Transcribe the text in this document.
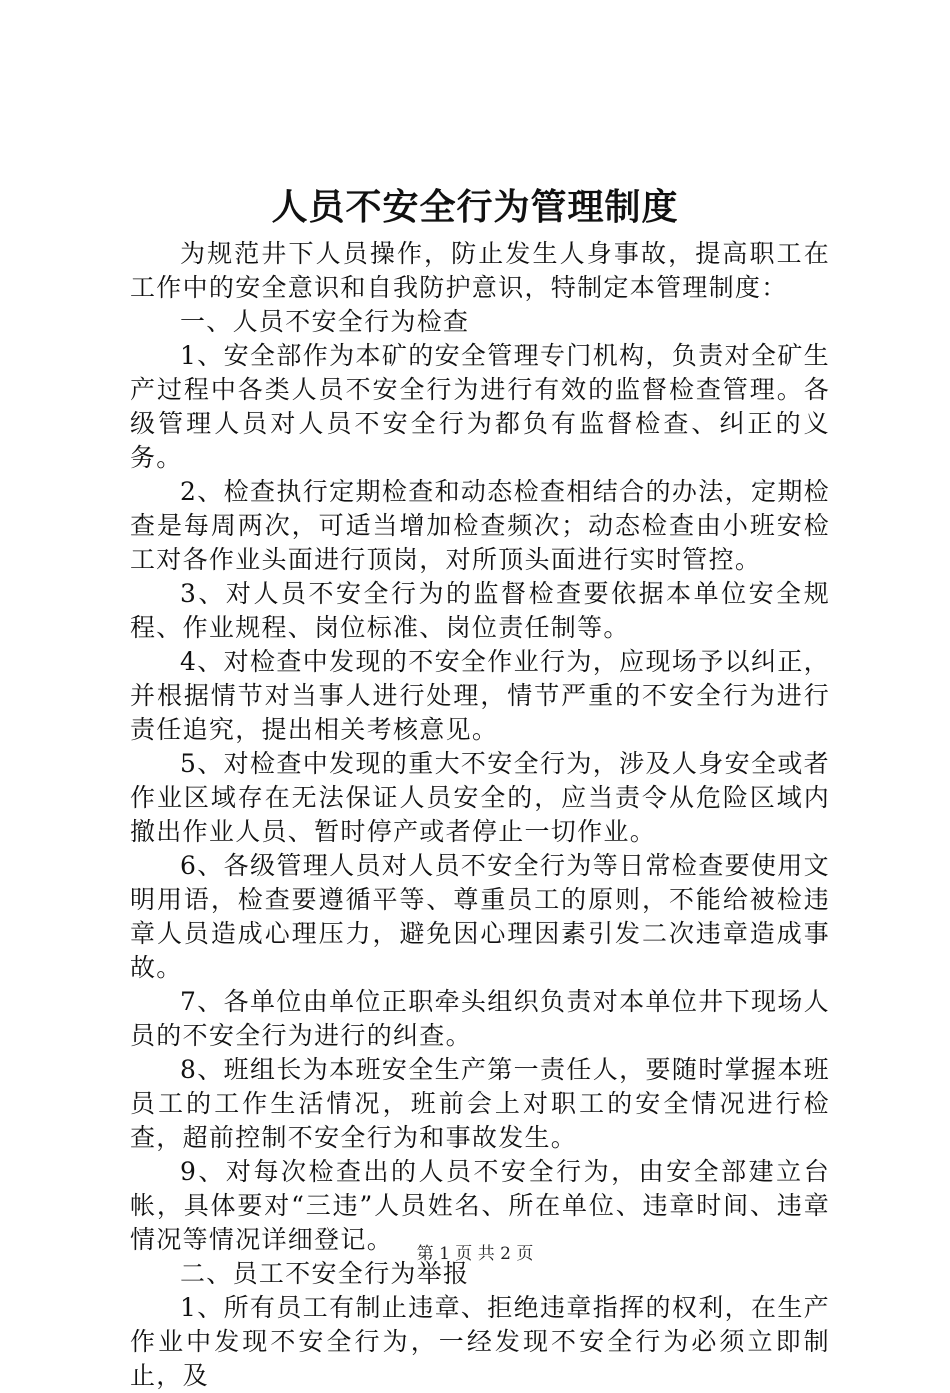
人员不安全行为管理制度

为规范井下人员操作，防止发生人身事故，提高职工在工作中的安全意识和自我防护意识，特制定本管理制度：

一、人员不安全行为检查

1、安全部作为本矿的安全管理专门机构，负责对全矿生产过程中各类人员不安全行为进行有效的监督检查管理。各级管理人员对人员不安全行为都负有监督检查、纠正的义务。

2、检查执行定期检查和动态检查相结合的办法，定期检查是每周两次，可适当增加检查频次；动态检查由小班安检工对各作业头面进行顶岗，对所顶头面进行实时管控。

3、对人员不安全行为的监督检查要依据本单位安全规程、作业规程、岗位标准、岗位责任制等。

4、对检查中发现的不安全作业行为，应现场予以纠正，并根据情节对当事人进行处理，情节严重的不安全行为进行责任追究，提出相关考核意见。

5、对检查中发现的重大不安全行为，涉及人身安全或者作业区域存在无法保证人员安全的，应当责令从危险区域内撤出作业人员、暂时停产或者停止一切作业。

6、各级管理人员对人员不安全行为等日常检查要使用文明用语，检查要遵循平等、尊重员工的原则，不能给被检违章人员造成心理压力，避免因心理因素引发二次违章造成事故。

7、各单位由单位正职牵头组织负责对本单位井下现场人员的不安全行为进行的纠查。

8、班组长为本班安全生产第一责任人，要随时掌握本班员工的工作生活情况，班前会上对职工的安全情况进行检查，超前控制不安全行为和事故发生。

9、对每次检查出的人员不安全行为，由安全部建立台帐，具体要对“三违”人员姓名、所在单位、违章时间、违章情况等情况详细登记。

二、员工不安全行为举报

1、所有员工有制止违章、拒绝违章指挥的权利，在生产作业中发现不安全行为，一经发现不安全行为必须立即制止，及

第 1 页 共 2 页
